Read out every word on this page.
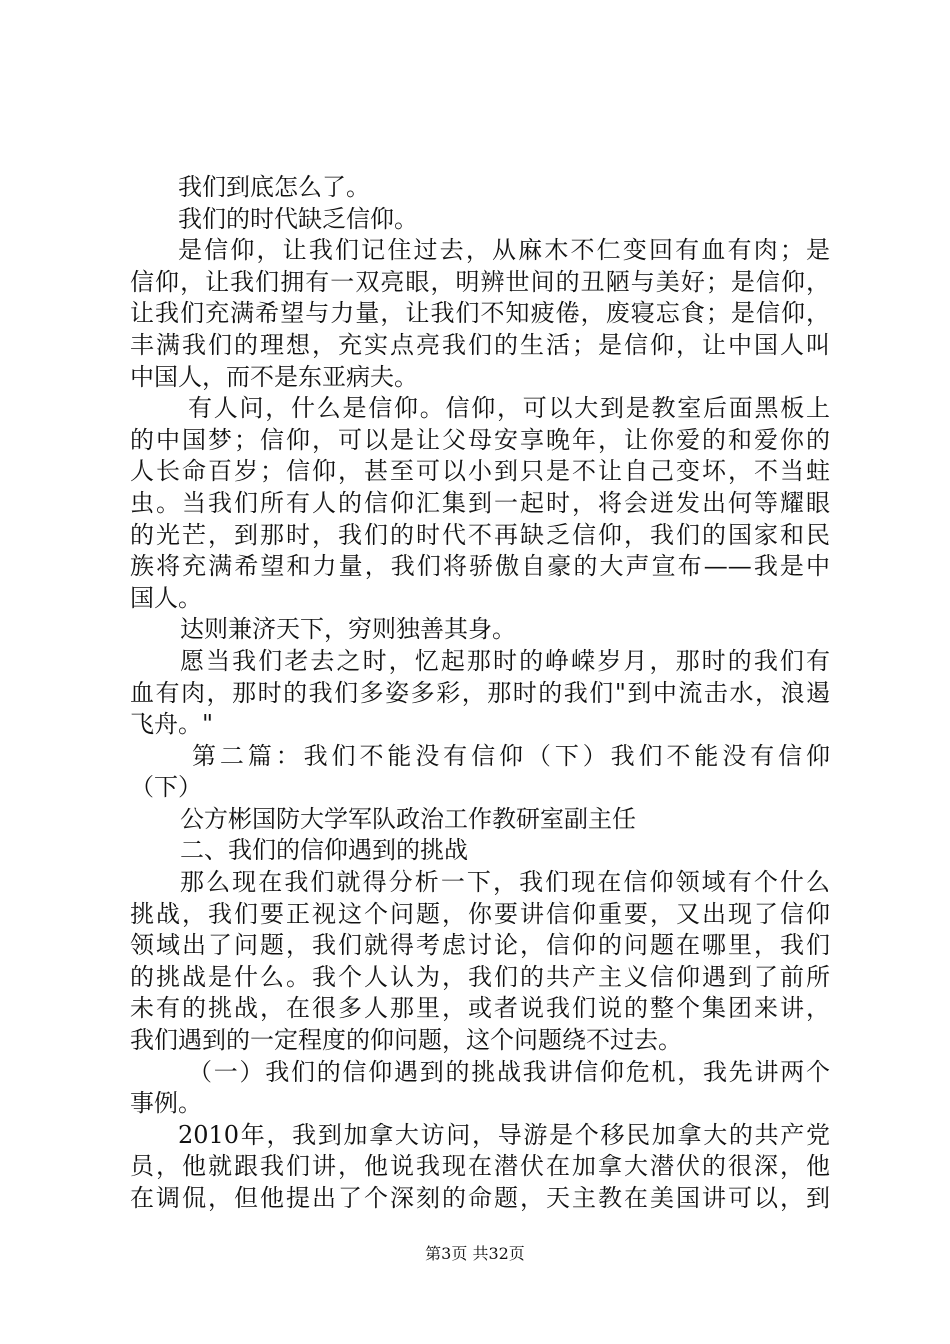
我们到底怎么了。
我们的时代缺乏信仰。
是信仰，让我们记住过去，从麻木不仁变回有血有肉；是
信仰，让我们拥有一双亮眼，明辨世间的丑陋与美好；是信仰，
让我们充满希望与力量，让我们不知疲倦，废寝忘食；是信仰，
丰满我们的理想，充实点亮我们的生活；是信仰，让中国人叫
中国人，而不是东亚病夫。
有人问，什么是信仰。信仰，可以大到是教室后面黑板上
的中国梦；信仰，可以是让父母安享晚年，让你爱的和爱你的
人长命百岁；信仰，甚至可以小到只是不让自己变坏，不当蛀
虫。当我们所有人的信仰汇集到一起时，将会迸发出何等耀眼
的光芒，到那时，我们的时代不再缺乏信仰，我们的国家和民
族将充满希望和力量，我们将骄傲自豪的大声宣布——我是中
国人。
达则兼济天下，穷则独善其身。
愿当我们老去之时，忆起那时的峥嵘岁月，那时的我们有
血有肉，那时的我们多姿多彩，那时的我们"到中流击水，浪遏
飞舟。"
第二篇：我们不能没有信仰（下）我们不能没有信仰
（下）
公方彬国防大学军队政治工作教研室副主任
二、我们的信仰遇到的挑战
那么现在我们就得分析一下，我们现在信仰领域有个什么
挑战，我们要正视这个问题，你要讲信仰重要，又出现了信仰
领域出了问题，我们就得考虑讨论，信仰的问题在哪里，我们
的挑战是什么。我个人认为，我们的共产主义信仰遇到了前所
未有的挑战，在很多人那里，或者说我们说的整个集团来讲，
我们遇到的一定程度的仰问题，这个问题绕不过去。
（一）我们的信仰遇到的挑战我讲信仰危机，我先讲两个
事例。
2010年，我到加拿大访问，导游是个移民加拿大的共产党
员，他就跟我们讲，他说我现在潜伏在加拿大潜伏的很深，他
在调侃，但他提出了个深刻的命题，天主教在美国讲可以，到
第3页 共32页
